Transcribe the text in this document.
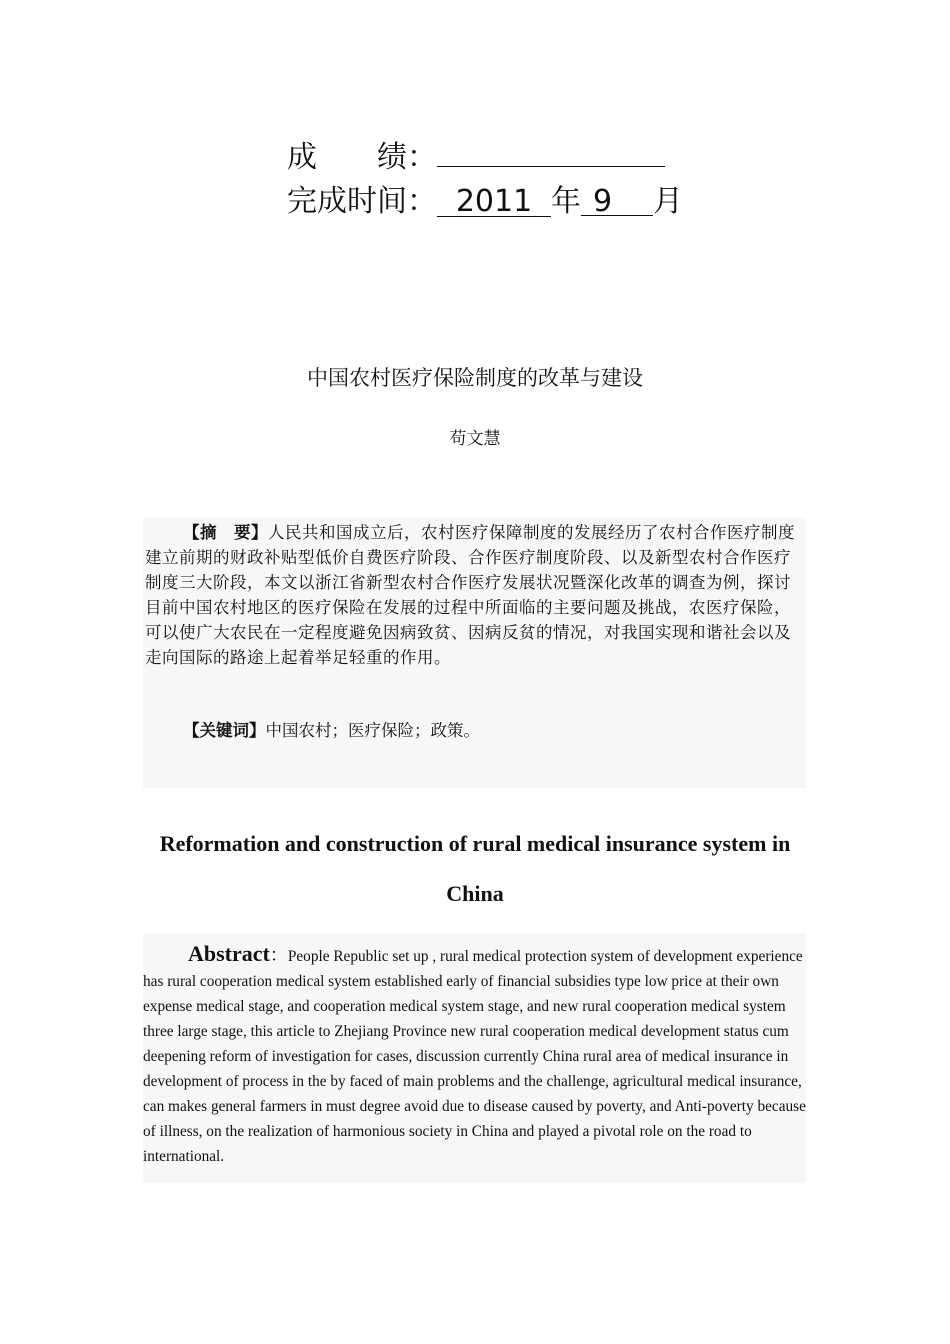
成　　绩：
完成时间： 2011 年 9 月
中国农村医疗保险制度的改革与建设
苟文慧
【摘　要】人民共和国成立后，农村医疗保障制度的发展经历了农村合作医疗制度建立前期的财政补贴型低价自费医疗阶段、合作医疗制度阶段、以及新型农村合作医疗制度三大阶段，本文以浙江省新型农村合作医疗发展状况暨深化改革的调查为例，探讨目前中国农村地区的医疗保险在发展的过程中所面临的主要问题及挑战，农医疗保险，可以使广大农民在一定程度避免因病致贫、因病反贫的情况，对我国实现和谐社会以及走向国际的路途上起着举足轻重的作用。
【关键词】中国农村；医疗保险；政策。
Reformation and construction of rural medical insurance system in China
Abstract：People Republic set up , rural medical protection system of development experience has rural cooperation medical system established early of financial subsidies type low price at their own expense medical stage, and cooperation medical system stage, and new rural cooperation medical system three large stage, this article to Zhejiang Province new rural cooperation medical development status cum deepening reform of investigation for cases, discussion currently China rural area of medical insurance in development of process in the by faced of main problems and the challenge, agricultural medical insurance, can makes general farmers in must degree avoid due to disease caused by poverty, and Anti-poverty because of illness, on the realization of harmonious society in China and played a pivotal role on the road to international.
